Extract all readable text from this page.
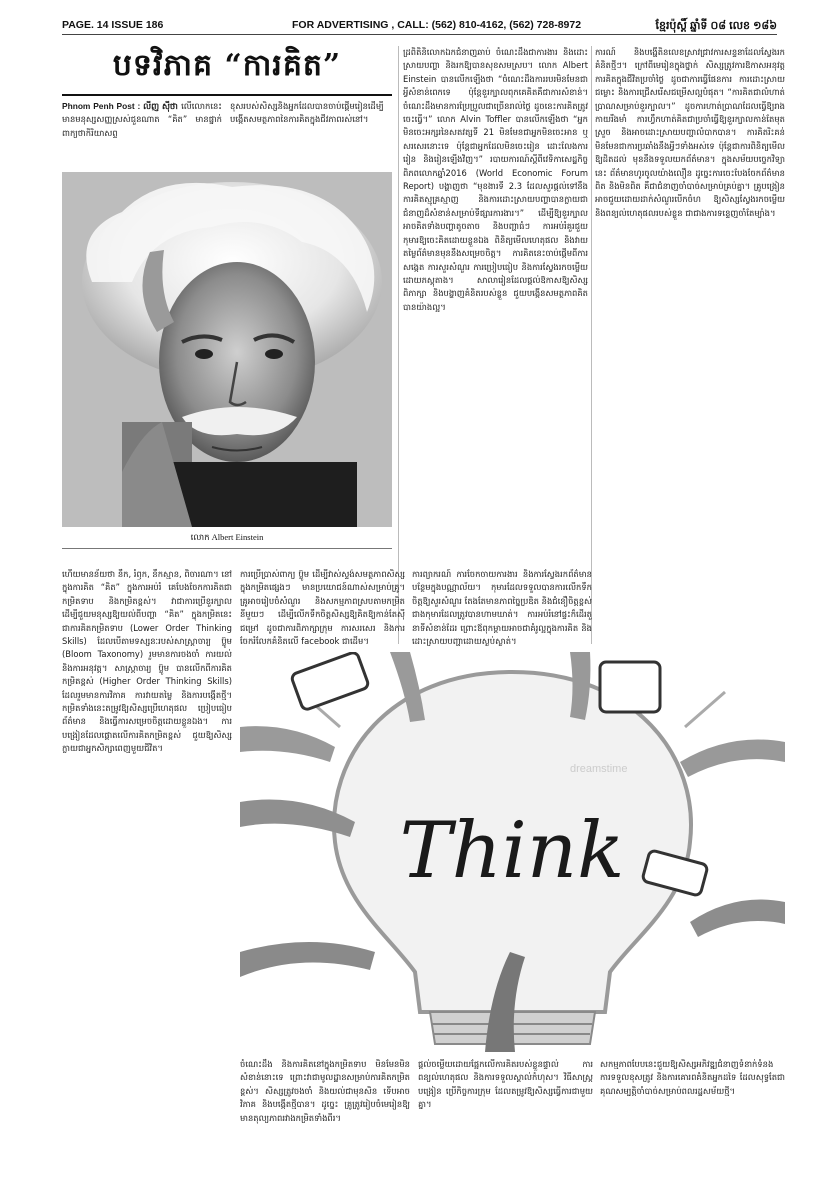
PAGE. 14 ISSUE 186	FOR ADVERTISING , CALL: (562) 810-4162, (562) 728-8972	ខ្មែរប៉ុស្ដិ៍ ឆ្នាំទី ០៨ លេខ ១៨៦
បទវិភាគ “ការគិត”
Phnom Penh Post : លីញ ស៊ីថា លើលោកនេះមានមនុស្សសញ្ញស្រស់ជួនណាត “គិត” មានផ្នាក់ពាក្យថាកិរិយាសព្ទ
ខុសរបស់សិស្សនិងអ្នកដែលបានចាប់ផ្តើមរៀនដើម្បីបង្កើតសមត្ថភាពនៃការគិតក្នុងជីវភាពរស់នៅ។
លោក Albert Einstein
ដ្រពិតិនិលោកឯកជំនាញឆាប់ ចំណេះដឹងជាការងារ និងដោះស្រាយបញ្ហា និងរកឱ្យបានសុខសមស្រប។ លោក Albert Einstein បានលើកឡើងថា “ចំណេះដឹងការរបរមិនមែនជាអ្វីសំខាន់ពេកទេ ប៉ុន្តែខួរក្បាលពុកគេគិតគឺជាការសំខាន់។ ចំណេះដឹងមានការប្រែប្រួលជាច្រើនរាល់ថ្ងៃ ដូចនេះការគិតត្រូវចេះធ្វើ។” លោក Alvin Toffler បានលើកឡើងថា “អ្នកមិនចេះអក្សរនៃសតវត្សទី 21 មិនមែនជាអ្នកមិនចេះអាន ឬសរសេរនោះទេ ប៉ុន្តែជាអ្នកដែលមិនចេះរៀន ដោះលែងការរៀន និងរៀនឡើងវិញ។” របាយការណ៍ស្តីពីវេទិកាសេដ្ឋកិច្ចពិភពលោកឆ្នាំ2016 (World Economic Forum Report) បង្ហាញថា “មុខងារទី 2.3 ដែលសួរផ្តល់ទៅនឹងការគិតស្មុគ្រស្មាញ និងការដោះស្រាយបញ្ហាបានក្លាយជាជំនាញដ៏សំខាន់សម្រាប់ទីផ្សារការងារ។” ដើម្បីឱ្យខួរក្បាលអាចគិតទាំងបញ្ហាតូចតាច និងបញ្ហាធំៗ ការអប់រំគួរជួយកុមារឱ្យចេះគិតដោយខ្លួនឯង ពិនិត្យមើលហេតុផល និងវាយតម្លៃព័ត៌មានមុននឹងសម្រេចចិត្ត។ ការគិតនេះចាប់ផ្តើមពីការសង្កេត ការសួរសំណួរ ការប្រៀបធៀប និងការស្វែងរកចម្លើយដោយភស្តុតាង។ សាលារៀនដែលផ្តល់ឱកាសឱ្យសិស្សពិភាក្សា និងបង្ហាញគំនិតរបស់ខ្លួន ជួយបង្កើនសមត្ថភាពគិតបានយ៉ាងល្អ។
ការណ៍ និងបង្ហើតិនលេខស្រាវជ្រាវការសន្ទនាដែលស្វែងរកគំនិតថ្មីៗ។ ក្រៅពីមេរៀនក្នុងថ្នាក់ សិស្សត្រូវការឱកាសអនុវត្តការគិតក្នុងជីវិតប្រចាំថ្ងៃ ដូចជាការធ្វើផែនការ ការដោះស្រាយជម្លោះ និងការជ្រើសរើសជម្រើសល្អបំផុត។ “ការគិតជាលំហាត់ប្រាណសម្រាប់ខួរក្បាល។” ដូចការហាត់ប្រាណដែលធ្វើឱ្យរាងកាយរឹងមាំ ការហ្វឹកហាត់គិតជាប្រចាំធ្វើឱ្យខួរក្បាលកាន់តែមុតស្រួច និងអាចដោះស្រាយបញ្ហាលំបាកបាន។ ការគិតរិះគន់មិនមែនជាការប្រឆាំងនឹងអ្វីៗទាំងអស់ទេ ប៉ុន្តែជាការពិនិត្យមើលឱ្យដិតដល់ មុននឹងទទួលយកព័ត៌មាន។ ក្នុងសម័យបច្ចេកវិទ្យានេះ ព័ត៌មានហូរចូលយ៉ាងលឿន ដូច្នេះការចេះបែងចែកព័ត៌មានពិត និងមិនពិត គឺជាជំនាញចាំបាច់សម្រាប់គ្រប់គ្នា។ គ្រូបង្រៀនអាចជួយដោយដាក់សំណួរបើកចំហ ឱ្យសិស្សស្វែងរកចម្លើយ និងពន្យល់ហេតុផលរបស់ខ្លួន ជាជាងការទន្ទេញចាំតែម្យ៉ាង។
ហើយមានន័យថា នឹក, រំឭក, នឹកស្មាន, ពិចារណា។ នៅក្នុងការគិត “គិត” ក្នុងការអប់រំ គេបែងចែកការគិតជាកម្រិតទាប និងកម្រិតខ្ពស់។ វាជាការប្រើខួរក្បាលដើម្បីជួយមនុស្សឱ្យយល់ពីបញ្ហា “គិត” ក្នុងកម្រិតនេះ ជាការគិតកម្រិតទាប (Lower Order Thinking Skills) ដែលបើតាមទស្សនៈរបស់សាស្ត្រាចារ្យ ប៊្លូម (Bloom Taxonomy) រួមមានការចងចាំ ការយល់ និងការអនុវត្ត។ សាស្ត្រាចារ្យ ប៊្លូម បានលើកពីការគិតកម្រិតខ្ពស់ (Higher Order Thinking Skills) ដែលរួមមានការវិភាគ ការវាយតម្លៃ និងការបង្កើតថ្មី។ កម្រិតទាំងនេះតម្រូវឱ្យសិស្សប្រើហេតុផល ប្រៀបធៀបព័ត៌មាន និងធ្វើការសម្រេចចិត្តដោយខ្លួនឯង។ ការបង្រៀនដែលផ្តោតលើការគិតកម្រិតខ្ពស់ ជួយឱ្យសិស្សក្លាយជាអ្នកសិក្សាពេញមួយជីវិត។
ការប្រើប្រាស់ពាក្យ ប៊្លូម ដើម្បីវាស់ស្ទង់សមត្ថភាពសិស្សក្នុងកម្រិតផ្សេងៗ មានប្រយោជន៍ណាស់សម្រាប់គ្រូ។ គ្រូអាចរៀបចំសំណួរ និងសកម្មភាពស្របតាមកម្រិតនីមួយៗ ដើម្បីលើកទឹកចិត្តសិស្សឱ្យគិតឱ្យកាន់តែស៊ីជម្រៅ ដូចជាការពិភាក្សាក្រុម ការសរសេរ និងការចែករំលែកគំនិតលើ facebook ជាដើម។
ការព្យាករណ៍ ការចែកចាយការងារ និងការស្វែងរកព័ត៌មានបន្ថែមក្នុងបណ្ណាល័យ។ កុមារដែលទទួលបានការលើកទឹកចិត្តឱ្យសួរសំណួរ តែងតែមានភាពច្នៃប្រឌិត និងជំនឿចិត្តខ្ពស់ជាងកុមារដែលត្រូវបានហាមឃាត់។ ការអប់រំនៅផ្ទះក៏ដើរតួនាទីសំខាន់ដែរ ព្រោះឪពុកម្តាយអាចជាគំរូល្អក្នុងការគិត និងដោះស្រាយបញ្ហាដោយស្ងប់ស្ងាត់។
Think
dreamstime
ចំណេះដឹង និងការគិតនៅក្នុងកម្រិតទាប មិនមែនមិនសំខាន់នោះទេ ព្រោះវាជាមូលដ្ឋានសម្រាប់ការគិតកម្រិតខ្ពស់។ សិស្សត្រូវចងចាំ និងយល់ជាមុនសិន ទើបអាចវិភាគ និងបង្កើតថ្មីបាន។ ដូច្នេះ គ្រូត្រូវរៀបចំមេរៀនឱ្យមានតុល្យភាពរវាងកម្រិតទាំងពីរ។
ផ្តល់ចម្លើយដោយផ្អែកលើការគិតរបស់ខ្លួនផ្ទាល់ ការពន្យល់ហេតុផល និងការទទួលស្គាល់កំហុស។ វិធីសាស្ត្របង្រៀន ប្រើកិច្ចការក្រុម ដែលតម្រូវឱ្យសិស្សធ្វើការជាមួយគ្នា។
សកម្មភាពបែបនេះជួយឱ្យសិស្សអភិវឌ្ឍជំនាញទំនាក់ទំនង ការទទួលខុសត្រូវ និងការគោរពគំនិតអ្នកដទៃ ដែលសុទ្ធតែជាគុណសម្បត្តិចាំបាច់សម្រាប់ពលរដ្ឋសម័យថ្មី។
